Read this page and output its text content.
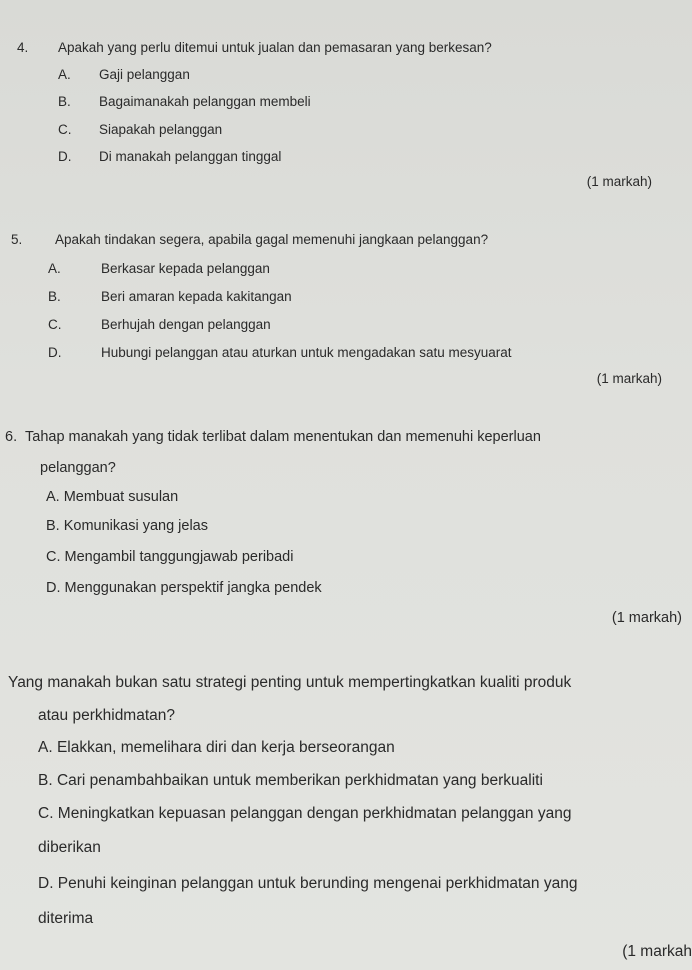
4. Apakah yang perlu ditemui untuk jualan dan pemasaran yang berkesan?
A. Gaji pelanggan
B. Bagaimanakah pelanggan membeli
C. Siapakah pelanggan
D. Di manakah pelanggan tinggal
(1 markah)
5. Apakah tindakan segera, apabila gagal memenuhi jangkaan pelanggan?
A.	Berkasar kepada pelanggan
B.	Beri amaran kepada kakitangan
C.	Berhujah dengan pelanggan
D.	Hubungi pelanggan atau aturkan untuk mengadakan satu mesyuarat
(1 markah)
6. Tahap manakah yang tidak terlibat dalam menentukan dan memenuhi keperluan
pelanggan?
A. Membuat susulan
B. Komunikasi yang jelas
C. Mengambil tanggungjawab peribadi
D. Menggunakan perspektif jangka pendek
(1 markah)
Yang manakah bukan satu strategi penting untuk mempertingkatkan kualiti produk
atau perkhidmatan?
A. Elakkan, memelihara diri dan kerja berseorangan
B. Cari penambahbaikan untuk memberikan perkhidmatan yang berkualiti
C. Meningkatkan kepuasan pelanggan dengan perkhidmatan pelanggan yang
diberikan
D. Penuhi keinginan pelanggan untuk berunding mengenai perkhidmatan yang
diterima
(1 markah
